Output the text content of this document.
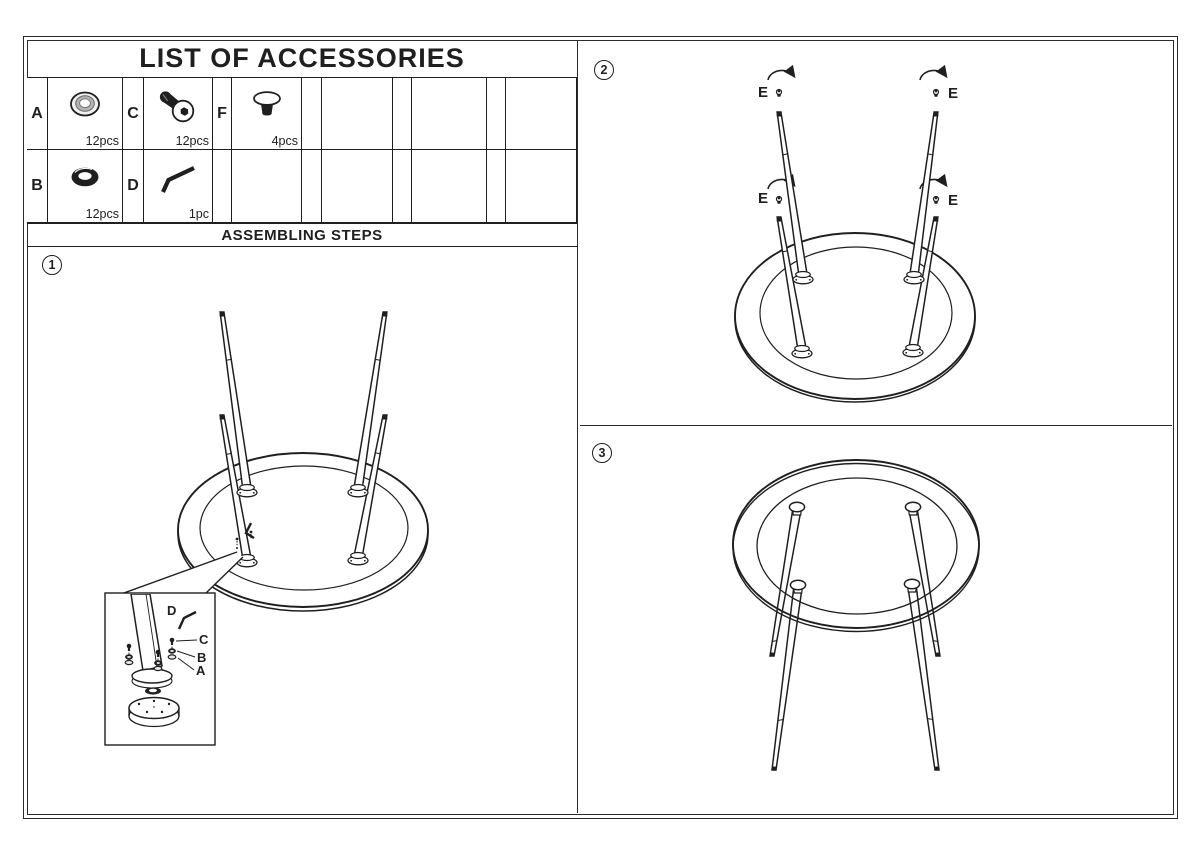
LIST OF ACCESSORIES
A
12pcs
C
12pcs
F
4pcs
B
12pcs
D
1pc
ASSEMBLING STEPS
1
2
3
D
C
B
A
E	E
E	E
